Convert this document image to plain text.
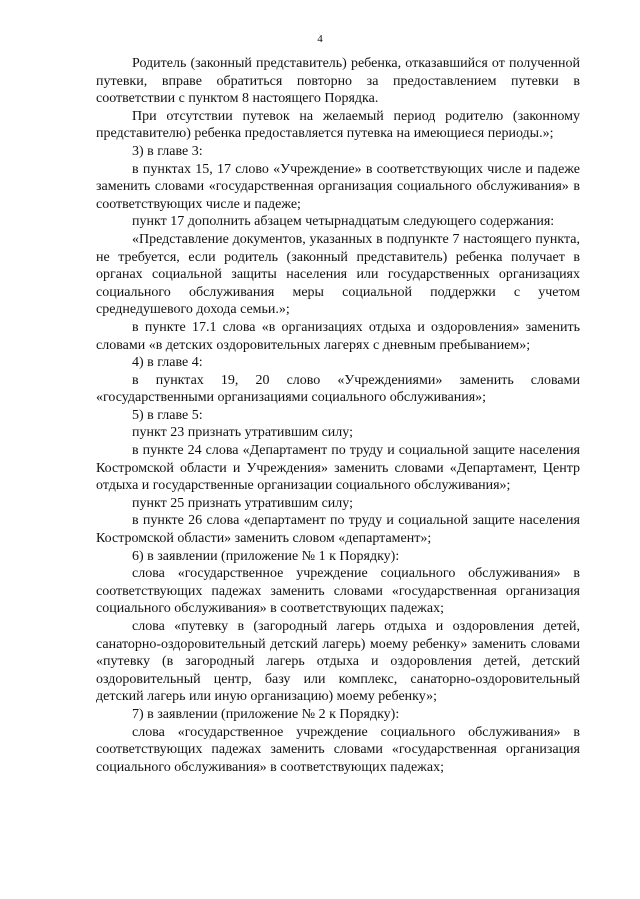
4

Родитель (законный представитель) ребенка, отказавшийся от полученной путевки, вправе обратиться повторно за предоставлением путевки в соответствии с пунктом 8 настоящего Порядка.

При отсутствии путевок на желаемый период родителю (законному представителю) ребенка предоставляется путевка на имеющиеся периоды.»;

3) в главе 3:

в пунктах 15, 17 слово «Учреждение» в соответствующих числе и падеже заменить словами «государственная организация социального обслуживания» в соответствующих числе и падеже;

пункт 17 дополнить абзацем четырнадцатым следующего содержания:

«Представление документов, указанных в подпункте 7 настоящего пункта, не требуется, если родитель (законный представитель) ребенка получает в органах социальной защиты населения или государственных организациях социального обслуживания меры социальной поддержки с учетом среднедушевого дохода семьи.»;

в пункте 17.1 слова «в организациях отдыха и оздоровления» заменить словами «в детских оздоровительных лагерях с дневным пребыванием»;

4) в главе 4:

в пунктах 19, 20 слово «Учреждениями» заменить словами «государственными организациями социального обслуживания»;

5) в главе 5:

пункт 23 признать утратившим силу;

в пункте 24 слова «Департамент по труду и социальной защите населения Костромской области и Учреждения» заменить словами «Департамент, Центр отдыха и государственные организации социального обслуживания»;

пункт 25 признать утратившим силу;

в пункте 26 слова «департамент по труду и социальной защите населения Костромской области» заменить словом «департамент»;

6) в заявлении (приложение № 1 к Порядку):

слова «государственное учреждение социального обслуживания» в соответствующих падежах заменить словами «государственная организация социального обслуживания» в соответствующих падежах;

слова «путевку в (загородный лагерь отдыха и оздоровления детей, санаторно-оздоровительный детский лагерь) моему ребенку» заменить словами «путевку (в загородный лагерь отдыха и оздоровления детей, детский оздоровительный центр, базу или комплекс, санаторно-оздоровительный детский лагерь или иную организацию) моему ребенку»;

7) в заявлении (приложение № 2 к Порядку):

слова «государственное учреждение социального обслуживания» в соответствующих падежах заменить словами «государственная организация социального обслуживания» в соответствующих падежах;
